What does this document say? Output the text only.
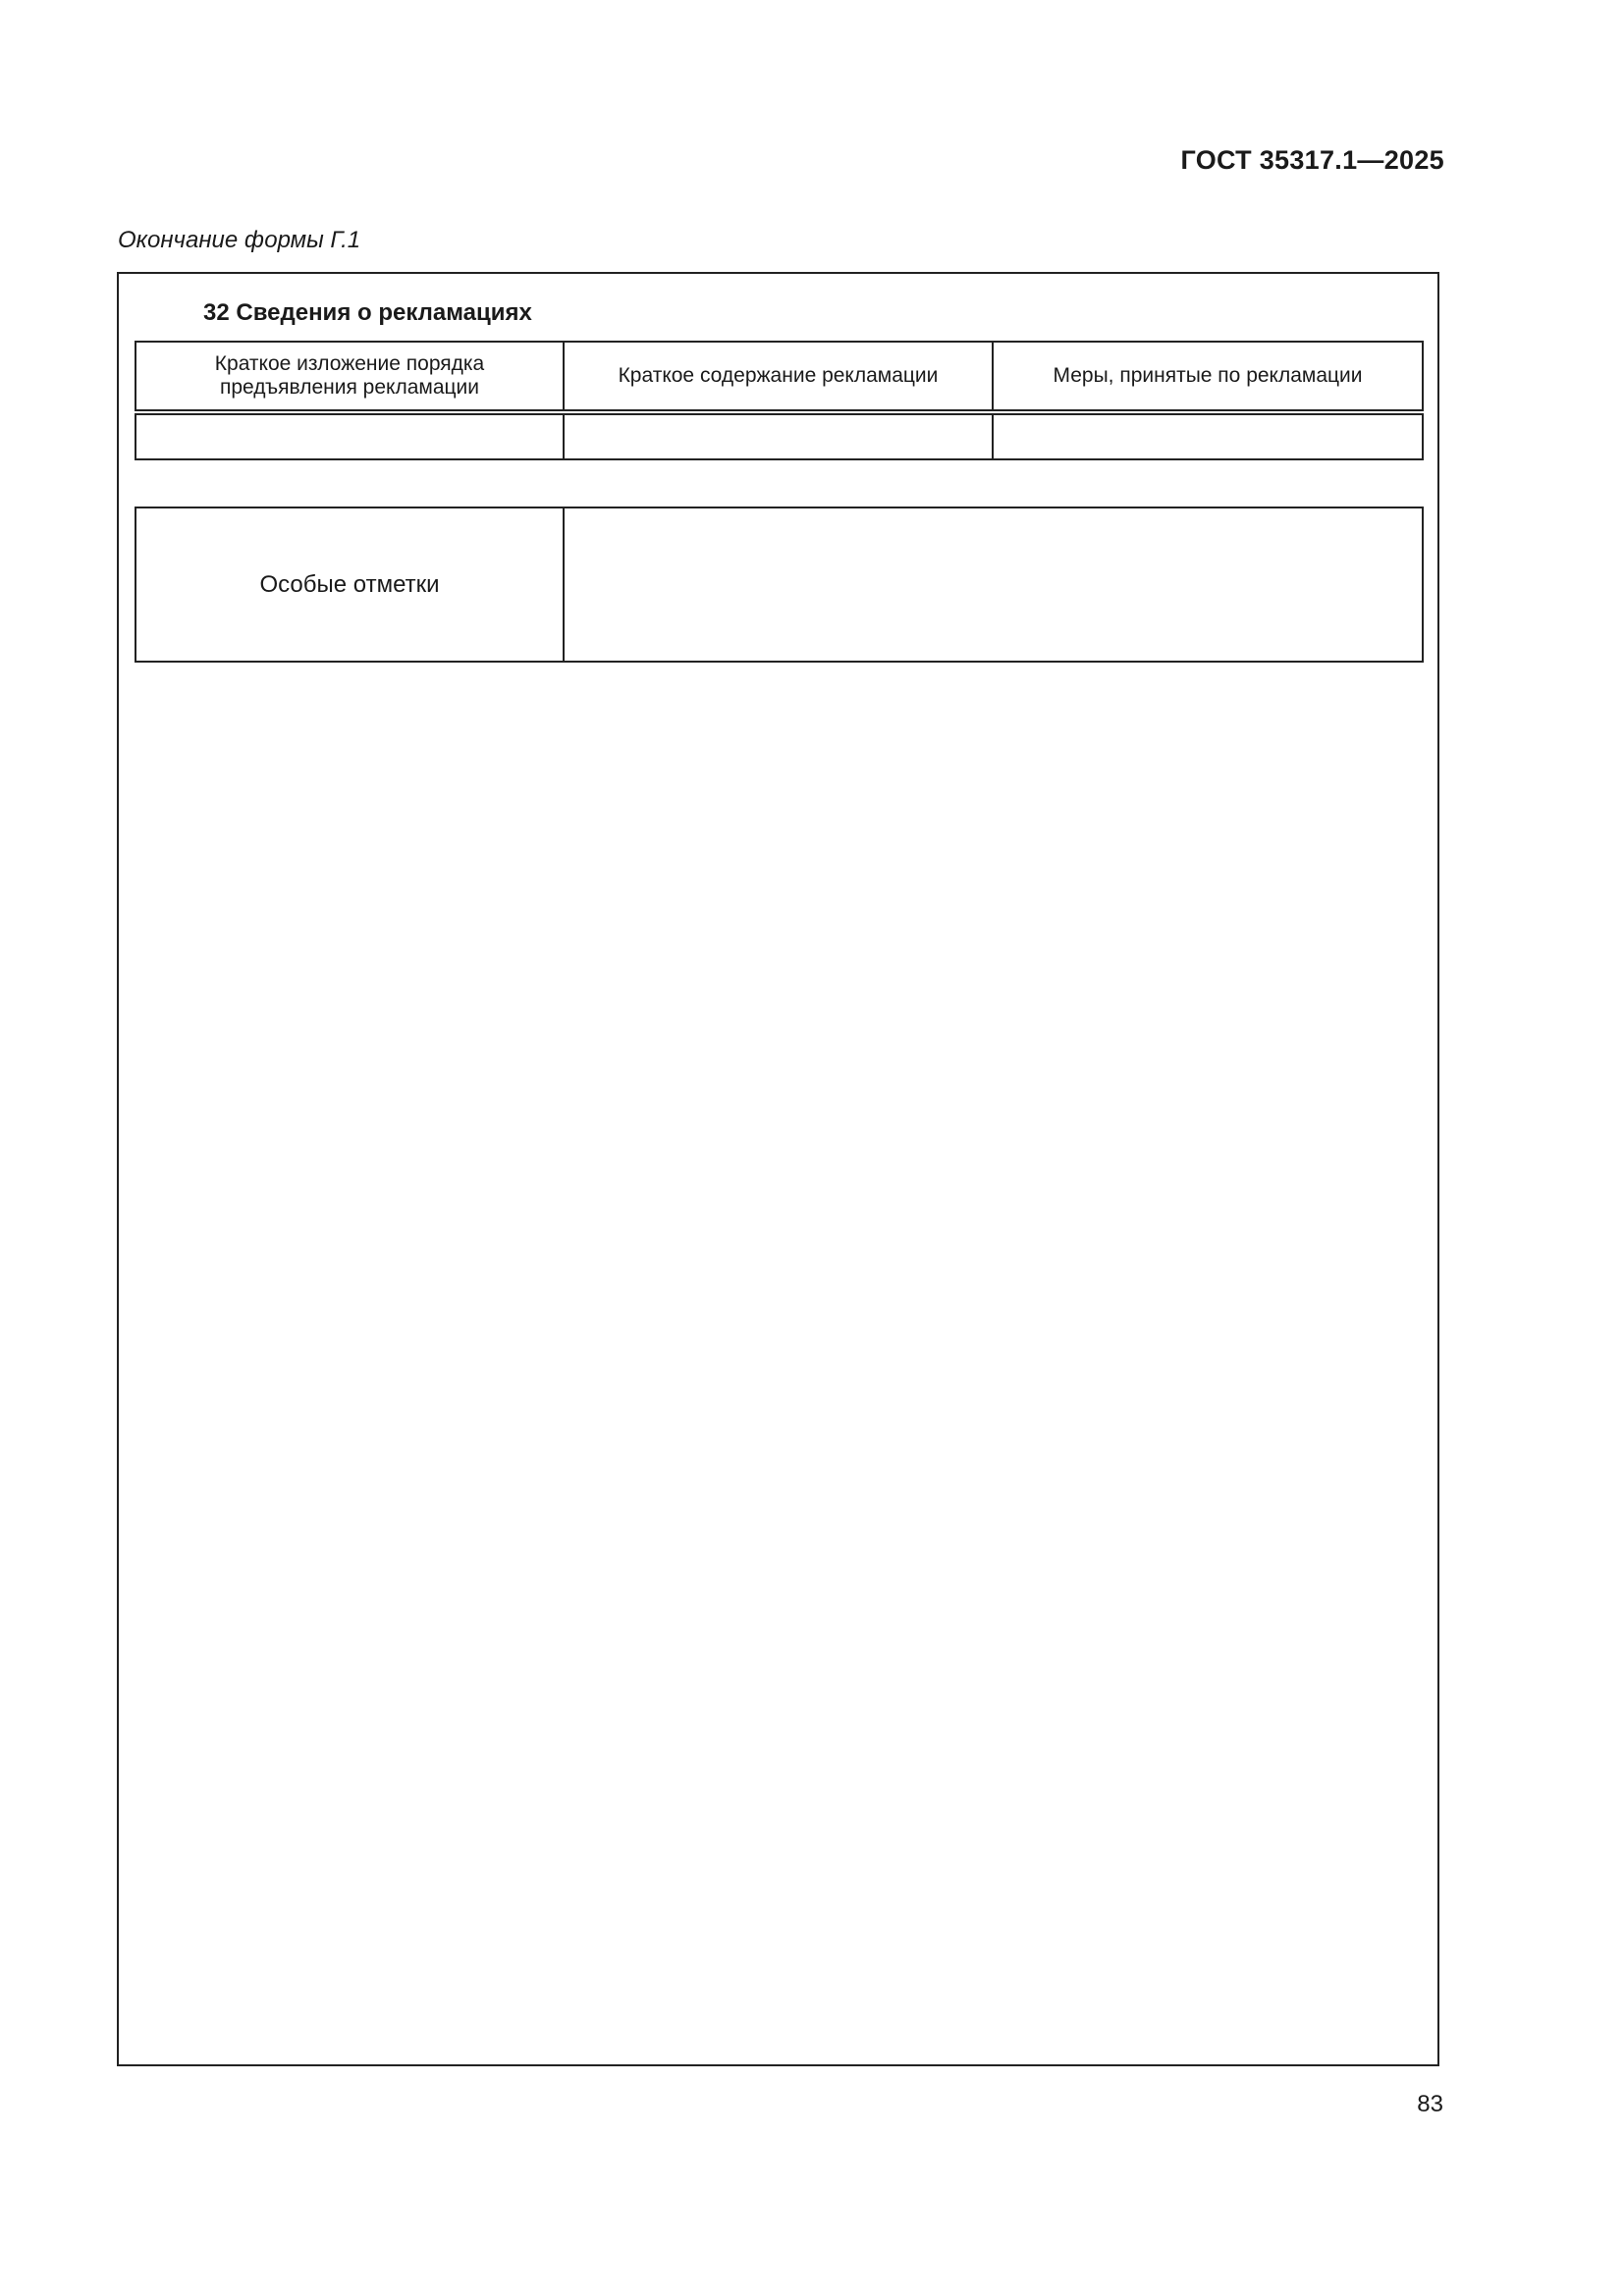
ГОСТ 35317.1—2025
Окончание формы Г.1
32 Сведения о рекламациях
Краткое изложение порядка предъявления рекламации	Краткое содержание рекламации	Меры, принятые по рекламации

Особые отметки	
83
